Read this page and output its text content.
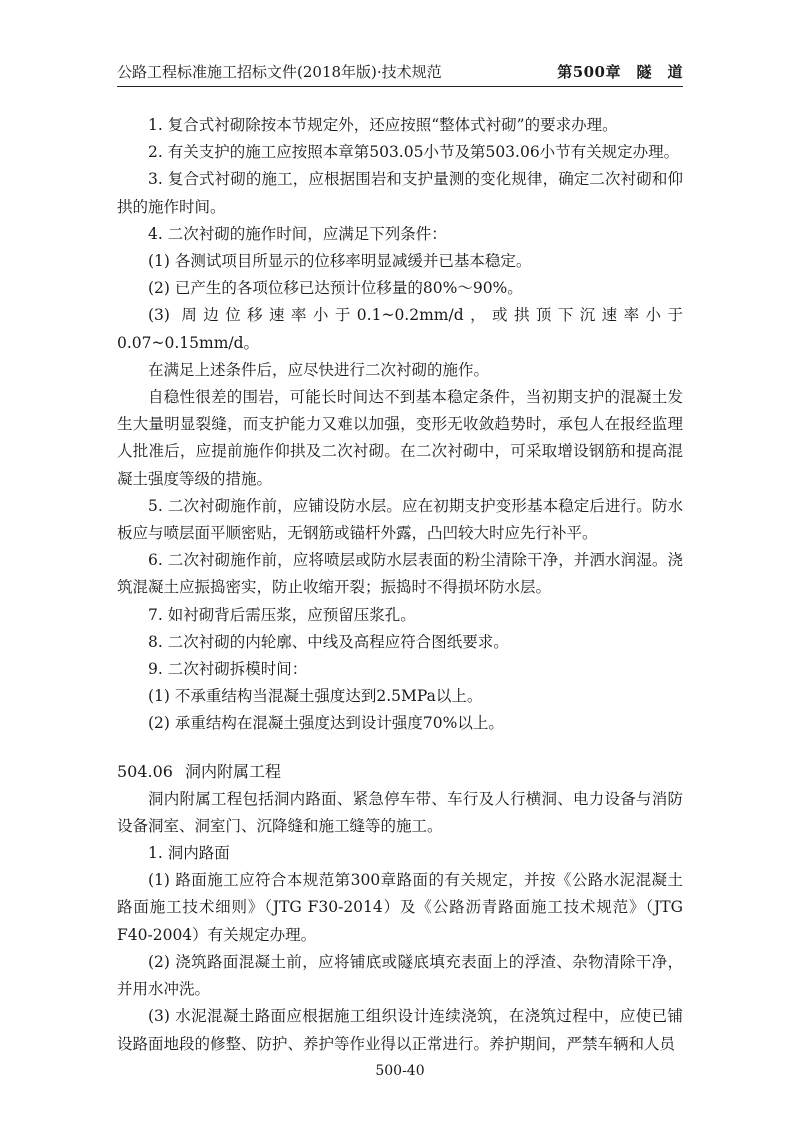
公路工程标准施工招标文件(2018年版)·技术规范	第500章　隧　道

1. 复合式衬砌除按本节规定外，还应按照“整体式衬砌”的要求办理。

2. 有关支护的施工应按照本章第503.05小节及第503.06小节有关规定办理。

3. 复合式衬砌的施工，应根据围岩和支护量测的变化规律，确定二次衬砌和仰拱的施作时间。

4. 二次衬砌的施作时间，应满足下列条件：

(1) 各测试项目所显示的位移率明显减缓并已基本稳定。

(2) 已产生的各项位移已达预计位移量的80%～90%。

(3) 周边位移速率小于0.1~0.2mm/d，或拱顶下沉速率小于0.07~0.15mm/d。

在满足上述条件后，应尽快进行二次衬砌的施作。

自稳性很差的围岩，可能长时间达不到基本稳定条件，当初期支护的混凝土发生大量明显裂缝，而支护能力又难以加强，变形无收敛趋势时，承包人在报经监理人批准后，应提前施作仰拱及二次衬砌。在二次衬砌中，可采取增设钢筋和提高混凝土强度等级的措施。

5. 二次衬砌施作前，应铺设防水层。应在初期支护变形基本稳定后进行。防水板应与喷层面平顺密贴，无钢筋或锚杆外露，凸凹较大时应先行补平。

6. 二次衬砌施作前，应将喷层或防水层表面的粉尘清除干净，并洒水润湿。浇筑混凝土应振捣密实，防止收缩开裂；振捣时不得损坏防水层。

7. 如衬砌背后需压浆，应预留压浆孔。

8. 二次衬砌的内轮廓、中线及高程应符合图纸要求。

9. 二次衬砌拆模时间：

(1) 不承重结构当混凝土强度达到2.5MPa以上。

(2) 承重结构在混凝土强度达到设计强度70%以上。

504.06 洞内附属工程

洞内附属工程包括洞内路面、紧急停车带、车行及人行横洞、电力设备与消防设备洞室、洞室门、沉降缝和施工缝等的施工。

1. 洞内路面

(1) 路面施工应符合本规范第300章路面的有关规定，并按《公路水泥混凝土路面施工技术细则》（JTG F30-2014）及《公路沥青路面施工技术规范》（JTG F40-2004）有关规定办理。

(2) 浇筑路面混凝土前，应将铺底或隧底填充表面上的浮渣、杂物清除干净，并用水冲洗。

(3) 水泥混凝土路面应根据施工组织设计连续浇筑，在浇筑过程中，应使已铺设路面地段的修整、防护、养护等作业得以正常进行。养护期间，严禁车辆和人员

500-40
